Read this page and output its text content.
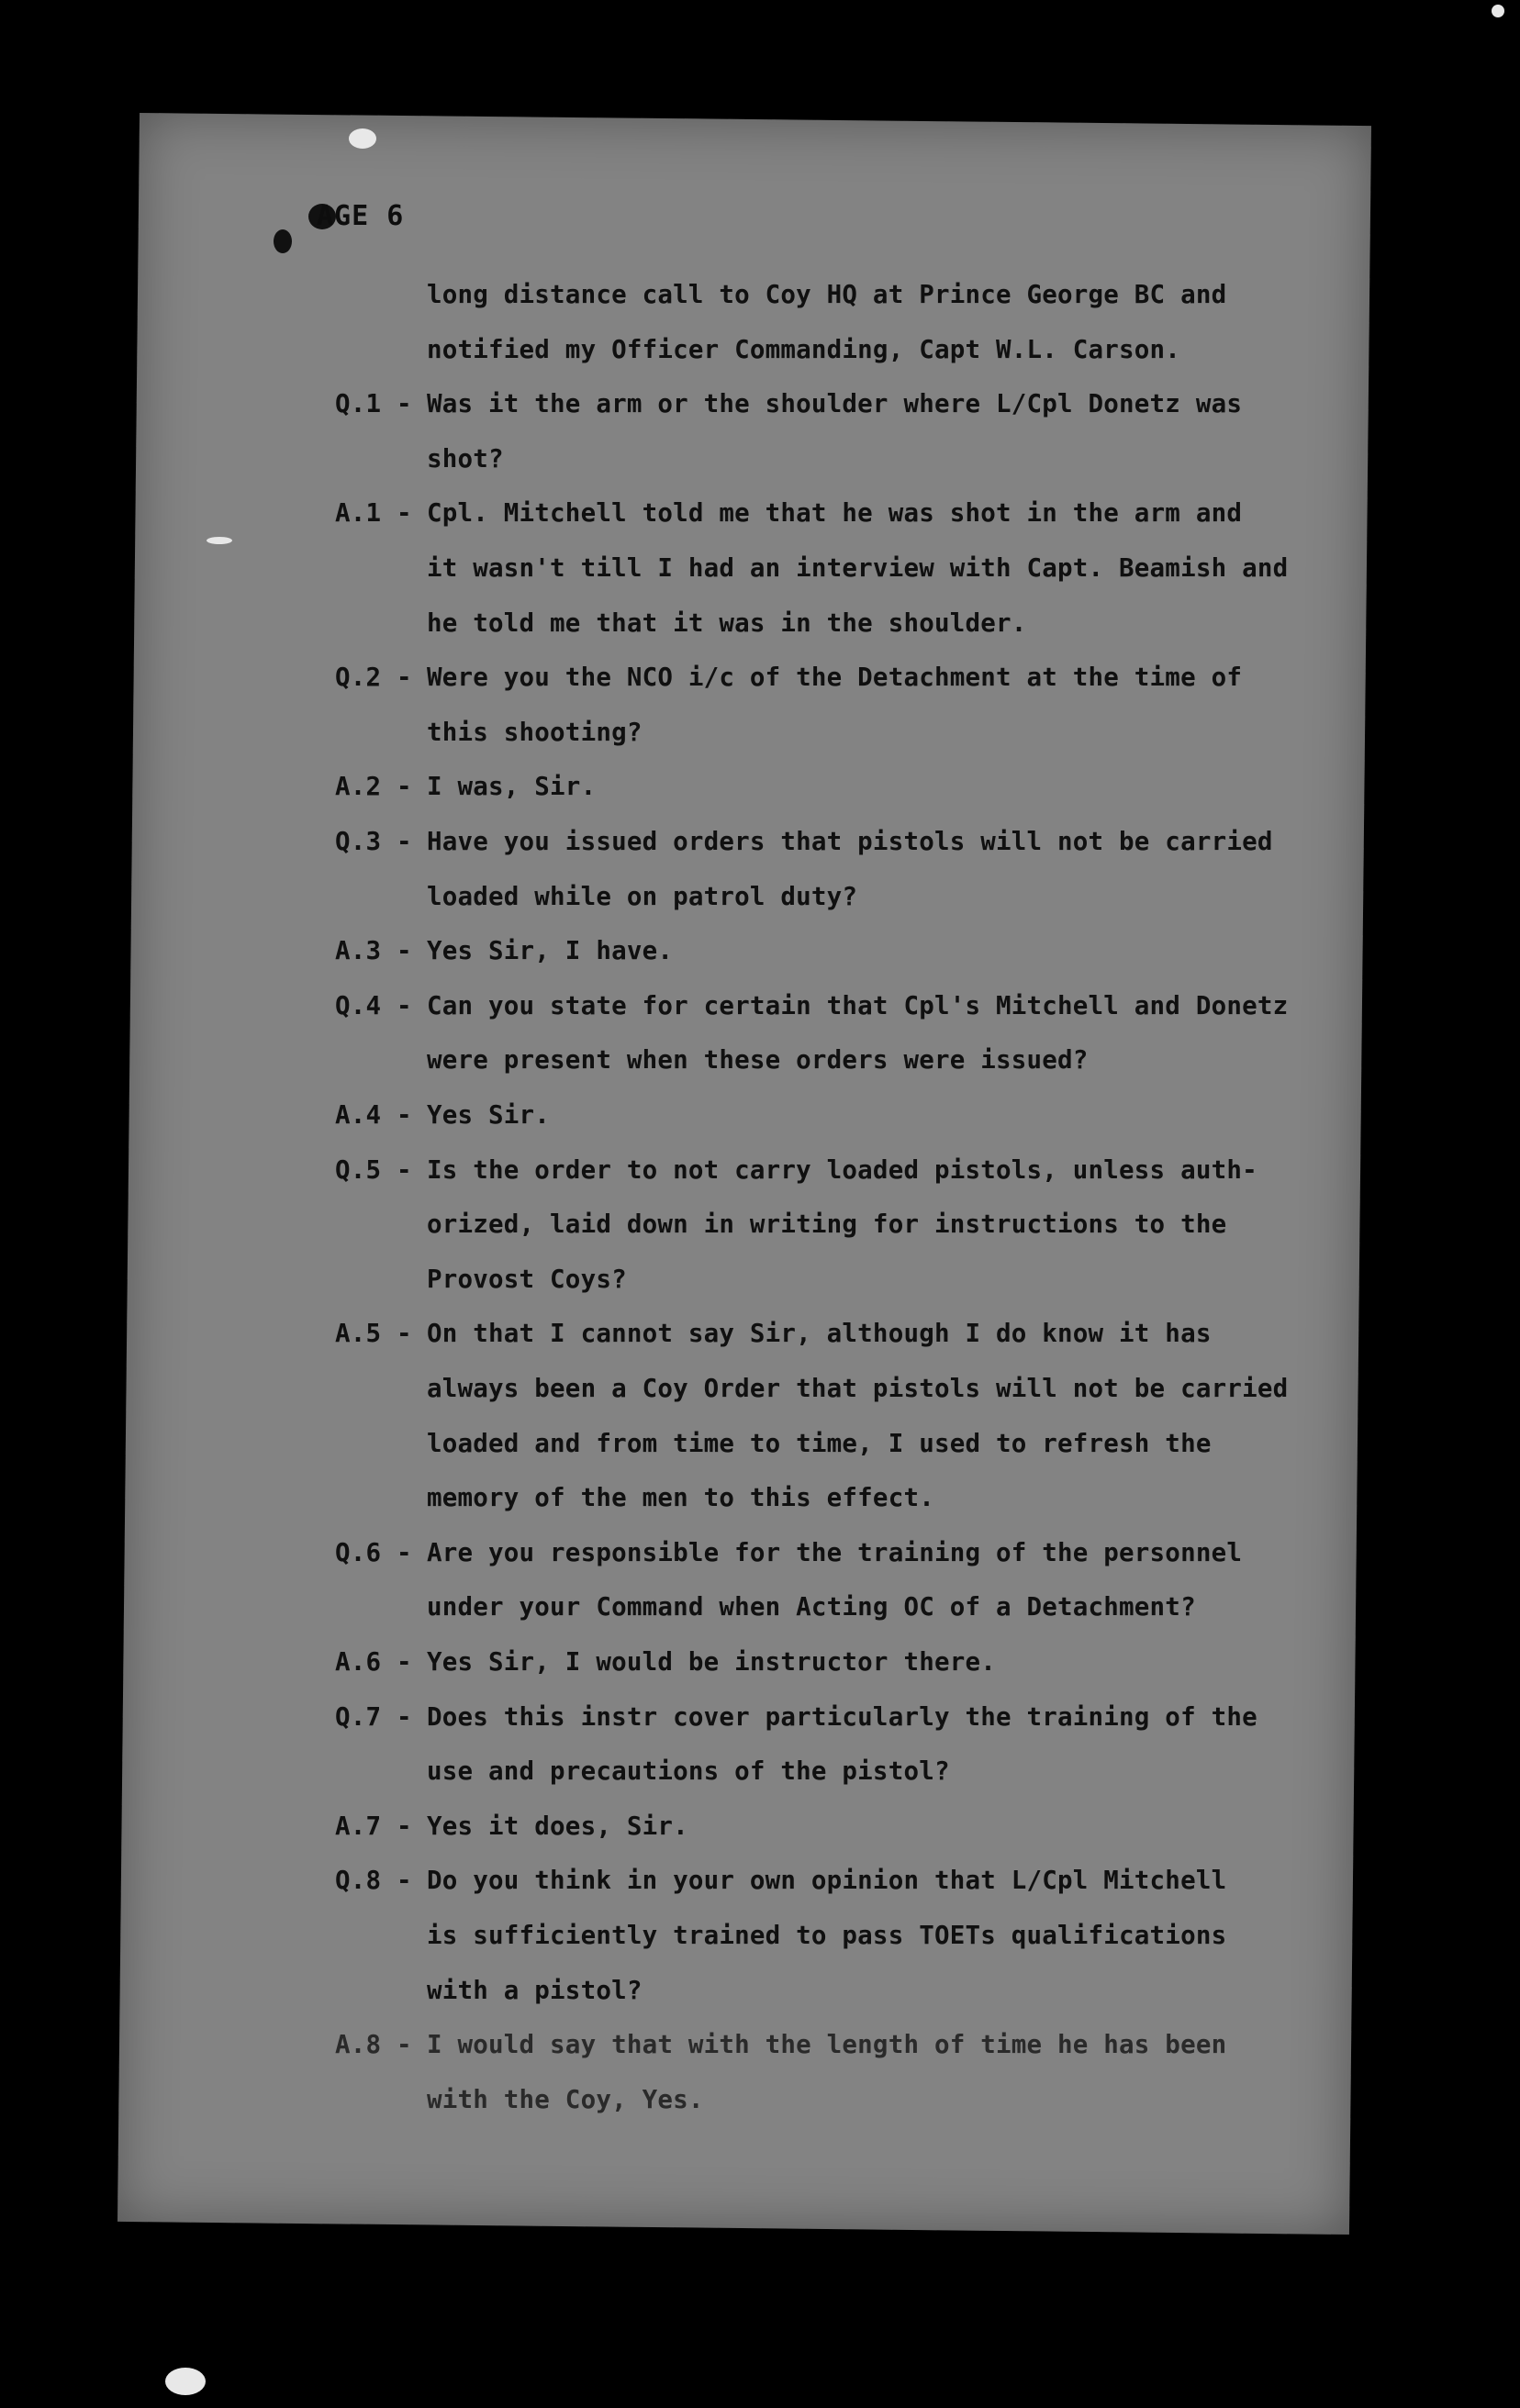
AGE 6
long distance call to Coy HQ at Prince George BC and
notified my Officer Commanding, Capt W.L. Carson.
Q.1 - Was it the arm or the shoulder where L/Cpl Donetz was
shot?
A.1 - Cpl. Mitchell told me that he was shot in the arm and
it wasn't till I had an interview with Capt. Beamish and
he told me that it was in the shoulder.
Q.2 - Were you the NCO i/c of the Detachment at the time of
this shooting?
A.2 - I was, Sir.
Q.3 - Have you issued orders that pistols will not be carried
loaded while on patrol duty?
A.3 - Yes Sir, I have.
Q.4 - Can you state for certain that Cpl's Mitchell and Donetz
were present when these orders were issued?
A.4 - Yes Sir.
Q.5 - Is the order to not carry loaded pistols, unless auth-
orized, laid down in writing for instructions to the
Provost Coys?
A.5 - On that I cannot say Sir, although I do know it has
always been a Coy Order that pistols will not be carried
loaded and from time to time, I used to refresh the
memory of the men to this effect.
Q.6 - Are you responsible for the training of the personnel
under your Command when Acting OC of a Detachment?
A.6 - Yes Sir, I would be instructor there.
Q.7 - Does this instr cover particularly the training of the
use and precautions of the pistol?
A.7 - Yes it does, Sir.
Q.8 - Do you think in your own opinion that L/Cpl Mitchell
is sufficiently trained to pass TOETs qualifications
with a pistol?
A.8 - I would say that with the length of time he has been
with the Coy, Yes.
